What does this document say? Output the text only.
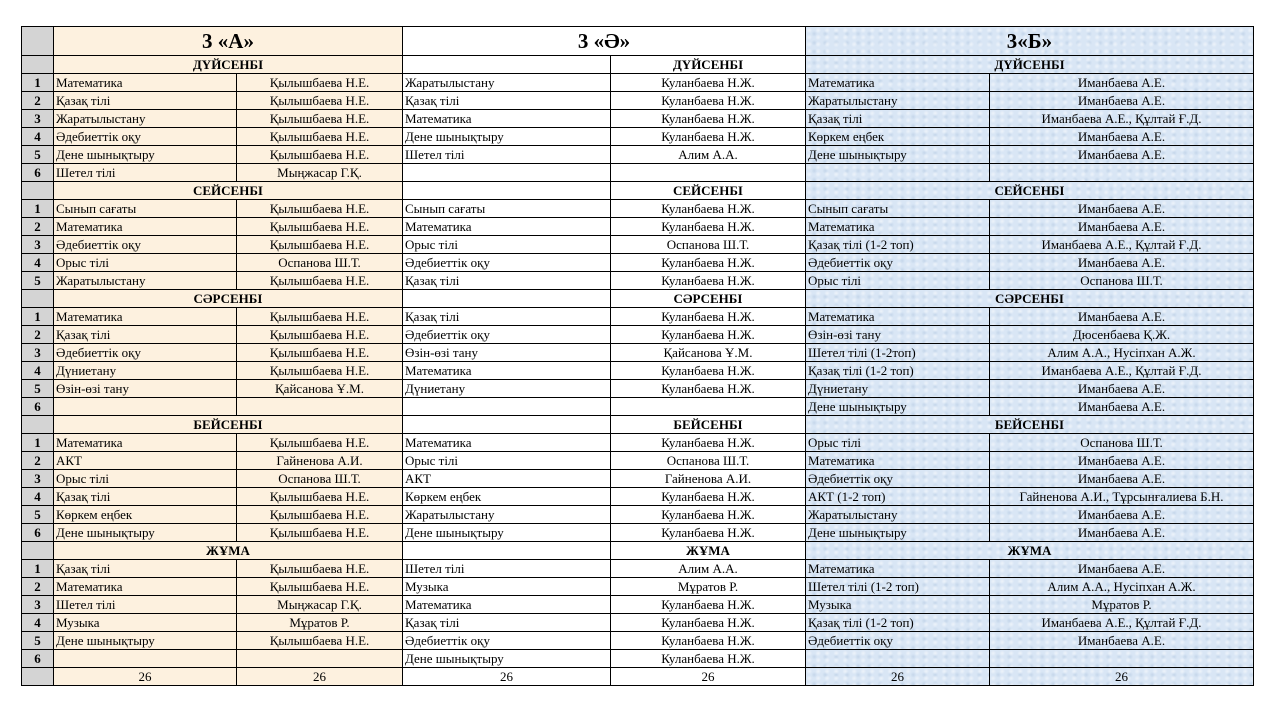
	3 «А»		3 «Ә»		3«Б»	
	ДҮЙСЕНБІ			ДҮЙСЕНБІ	ДҮЙСЕНБІ	
1	Математика	Қылышбаева Н.Е.	Жаратылыстану	Куланбаева Н.Ж.	Математика	Иманбаева А.Е.
2	Қазақ тілі	Қылышбаева Н.Е.	Қазақ тілі	Куланбаева Н.Ж.	Жаратылыстану	Иманбаева А.Е.
3	Жаратылыстану	Қылышбаева Н.Е.	Математика	Куланбаева Н.Ж.	Қазақ тілі	Иманбаева А.Е., Құлтай Ғ.Д.
4	Әдебиеттік оқу	Қылышбаева Н.Е.	Дене шынықтыру	Куланбаева Н.Ж.	Көркем еңбек	Иманбаева А.Е.
5	Дене шынықтыру	Қылышбаева Н.Е.	Шетел тілі	Алим А.А.	Дене шынықтыру	Иманбаева А.Е.
6	Шетел тілі	Мыңжасар Г.Қ.				
	СЕЙСЕНБІ			СЕЙСЕНБІ	СЕЙСЕНБІ	
1	Сынып сағаты	Қылышбаева Н.Е.	Сынып сағаты	Куланбаева Н.Ж.	Сынып сағаты	Иманбаева А.Е.
2	Математика	Қылышбаева Н.Е.	Математика	Куланбаева Н.Ж.	Математика	Иманбаева А.Е.
3	Әдебиеттік оқу	Қылышбаева Н.Е.	Орыс тілі	Оспанова Ш.Т.	Қазақ тілі (1-2 топ)	Иманбаева А.Е., Құлтай Ғ.Д.
4	Орыс тілі	Оспанова Ш.Т.	Әдебиеттік оқу	Куланбаева Н.Ж.	Әдебиеттік оқу	Иманбаева А.Е.
5	Жаратылыстану	Қылышбаева Н.Е.	Қазақ тілі	Куланбаева Н.Ж.	Орыс тілі	Оспанова Ш.Т.
	СӘРСЕНБІ			СӘРСЕНБІ	СӘРСЕНБІ	
1	Математика	Қылышбаева Н.Е.	Қазақ тілі	Куланбаева Н.Ж.	Математика	Иманбаева А.Е.
2	Қазақ тілі	Қылышбаева Н.Е.	Әдебиеттік оқу	Куланбаева Н.Ж.	Өзін-өзі тану	Дюсенбаева Қ.Ж.
3	Әдебиеттік оқу	Қылышбаева Н.Е.	Өзін-өзі тану	Қайсанова Ұ.М.	Шетел тілі (1-2топ)	Алим А.А., Нусіпхан А.Ж.
4	Дүниетану	Қылышбаева Н.Е.	Математика	Куланбаева Н.Ж.	Қазақ тілі (1-2 топ)	Иманбаева А.Е., Құлтай Ғ.Д.
5	Өзін-өзі тану	Қайсанова Ұ.М.	Дүниетану	Куланбаева Н.Ж.	Дүниетану	Иманбаева А.Е.
6					Дене шынықтыру	Иманбаева А.Е.
	БЕЙСЕНБІ			БЕЙСЕНБІ	БЕЙСЕНБІ	
1	Математика	Қылышбаева Н.Е.	Математика	Куланбаева Н.Ж.	Орыс тілі	Оспанова Ш.Т.
2	АКТ	Гайненова А.И.	Орыс тілі	Оспанова Ш.Т.	Математика	Иманбаева А.Е.
3	Орыс тілі	Оспанова Ш.Т.	АКТ	Гайненова А.И.	Әдебиеттік оқу	Иманбаева А.Е.
4	Қазақ тілі	Қылышбаева Н.Е.	Көркем еңбек	Куланбаева Н.Ж.	АКТ (1-2 топ)	Гайненова А.И., Тұрсынғалиева Б.Н.
5	Көркем еңбек	Қылышбаева Н.Е.	Жаратылыстану	Куланбаева Н.Ж.	Жаратылыстану	Иманбаева А.Е.
6	Дене шынықтыру	Қылышбаева Н.Е.	Дене шынықтыру	Куланбаева Н.Ж.	Дене шынықтыру	Иманбаева А.Е.
	ЖҰМА			ЖҰМА	ЖҰМА	
1	Қазақ тілі	Қылышбаева Н.Е.	Шетел тілі	Алим А.А.	Математика	Иманбаева А.Е.
2	Математика	Қылышбаева Н.Е.	Музыка	Мұратов Р.	Шетел тілі (1-2 топ)	Алим А.А., Нусіпхан А.Ж.
3	Шетел тілі	Мыңжасар Г.Қ.	Математика	Куланбаева Н.Ж.	Музыка	Мұратов Р.
4	Музыка	Мұратов Р.	Қазақ тілі	Куланбаева Н.Ж.	Қазақ тілі (1-2 топ)	Иманбаева А.Е., Құлтай Ғ.Д.
5	Дене шынықтыру	Қылышбаева Н.Е.	Әдебиеттік оқу	Куланбаева Н.Ж.	Әдебиеттік оқу	Иманбаева А.Е.
6			Дене шынықтыру	Куланбаева Н.Ж.		
	26	26	26	26	26	26
